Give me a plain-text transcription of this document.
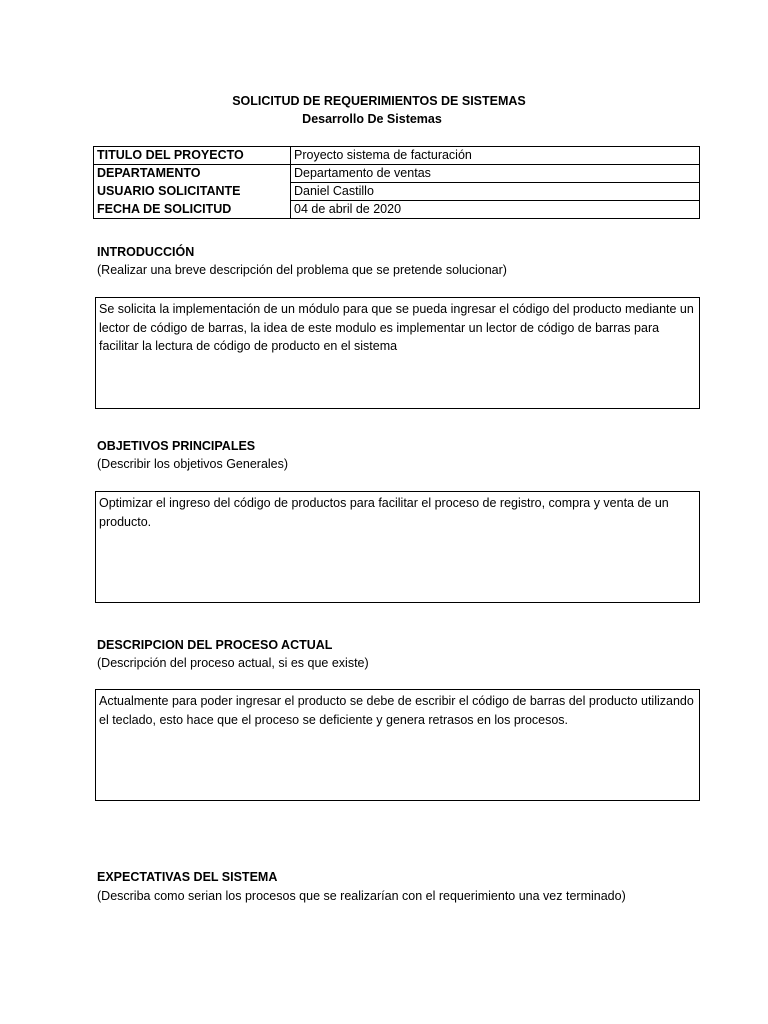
SOLICITUD DE REQUERIMIENTOS DE SISTEMAS
Desarrollo De Sistemas
TITULO DEL PROYECTO	Proyecto sistema de facturación
DEPARTAMENTO	Departamento de ventas
USUARIO SOLICITANTE	Daniel Castillo
FECHA DE SOLICITUD	04 de abril de 2020
INTRODUCCIÓN
(Realizar una breve descripción del problema que se pretende solucionar)
Se solicita la implementación de un módulo para que se pueda ingresar el código del producto mediante un lector de código de barras, la idea de este modulo es implementar un lector de código de barras para facilitar la lectura de código de producto en el sistema
OBJETIVOS PRINCIPALES
(Describir los objetivos Generales)
Optimizar el ingreso del código de productos para facilitar el proceso de registro, compra y venta de un producto.
DESCRIPCION DEL PROCESO ACTUAL
(Descripción del proceso actual, si es que existe)
Actualmente para poder ingresar el producto se debe de escribir el código de barras del producto utilizando el teclado, esto hace que el proceso se deficiente y genera retrasos en los procesos.
EXPECTATIVAS DEL SISTEMA
(Describa como serian los procesos que se realizarían con el requerimiento una vez terminado)
